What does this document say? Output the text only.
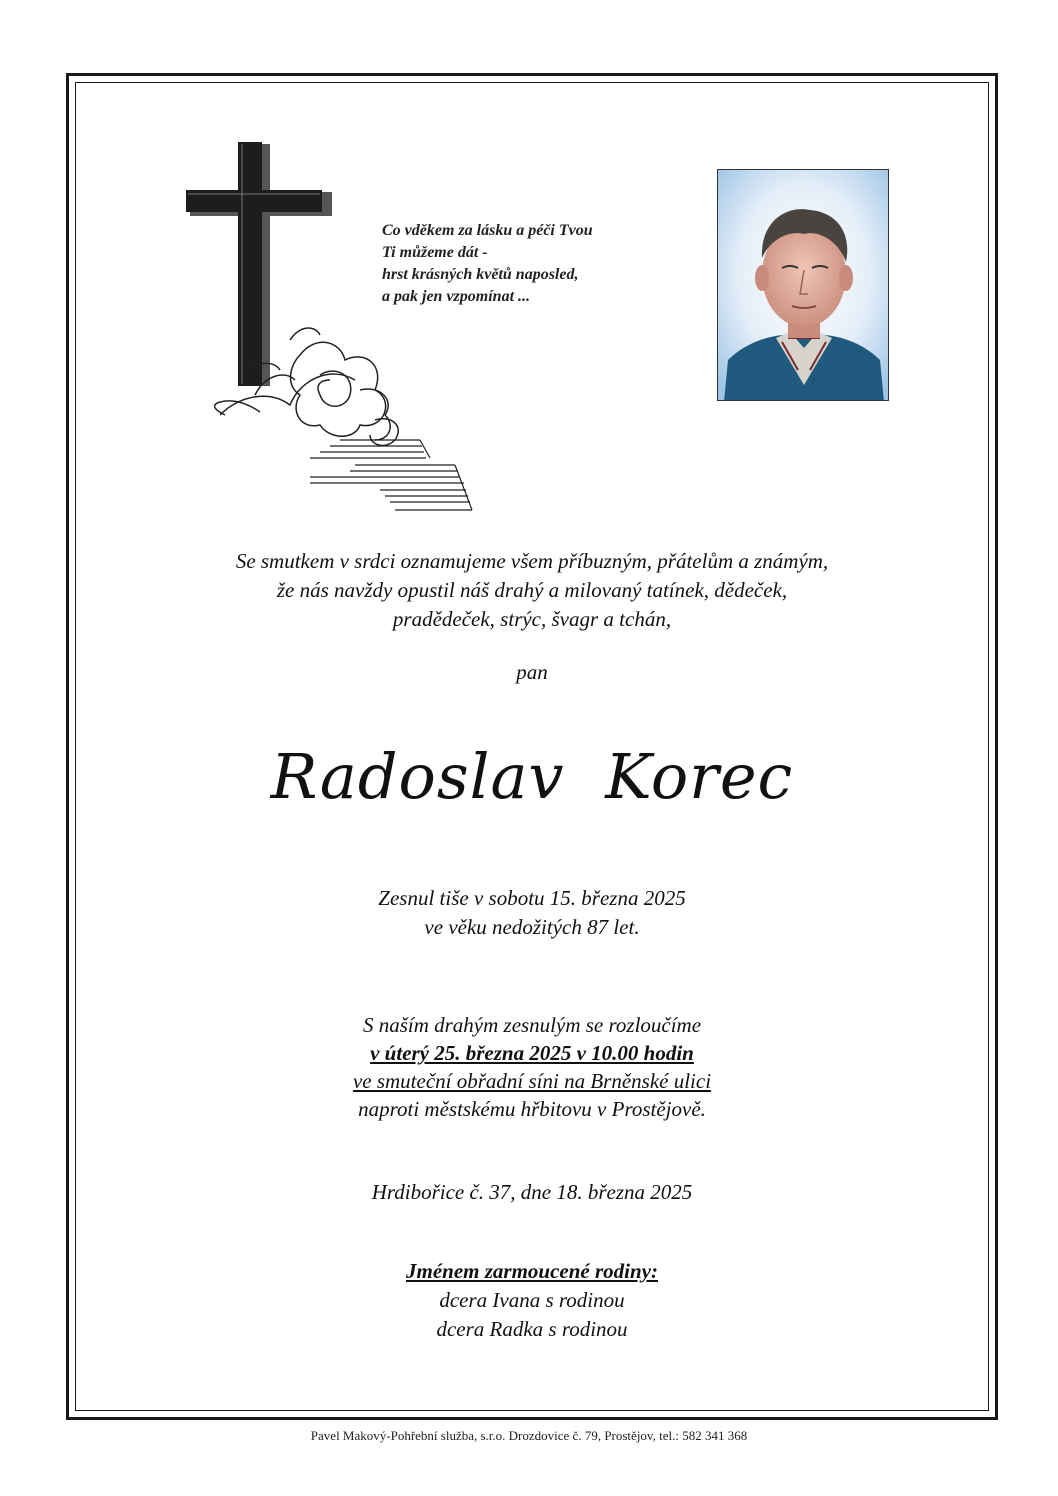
Co vděkem za lásku a péči Tvou
Ti můžeme dát -
hrst krásných květů naposled,
a pak jen vzpomínat ...
Se smutkem v srdci oznamujeme všem příbuzným, přátelům a známým,
že nás navždy opustil náš drahý a milovaný tatínek, dědeček,
pradědeček, strýc, švagr a tchán,
pan
Radoslav Korec
Zesnul tiše v sobotu 15. března 2025
ve věku nedožitých 87 let.
S naším drahým zesnulým se rozloučíme
v úterý 25. března 2025 v 10.00 hodin
ve smuteční obřadní síni na Brněnské ulici
naproti městskému hřbitovu v Prostějově.
Hrdibořice č. 37, dne 18. března 2025
Jménem zarmoucené rodiny:
dcera Ivana s rodinou
dcera Radka s rodinou
Pavel Makový-Pohřební služba, s.r.o. Drozdovice č. 79, Prostějov, tel.: 582 341 368
